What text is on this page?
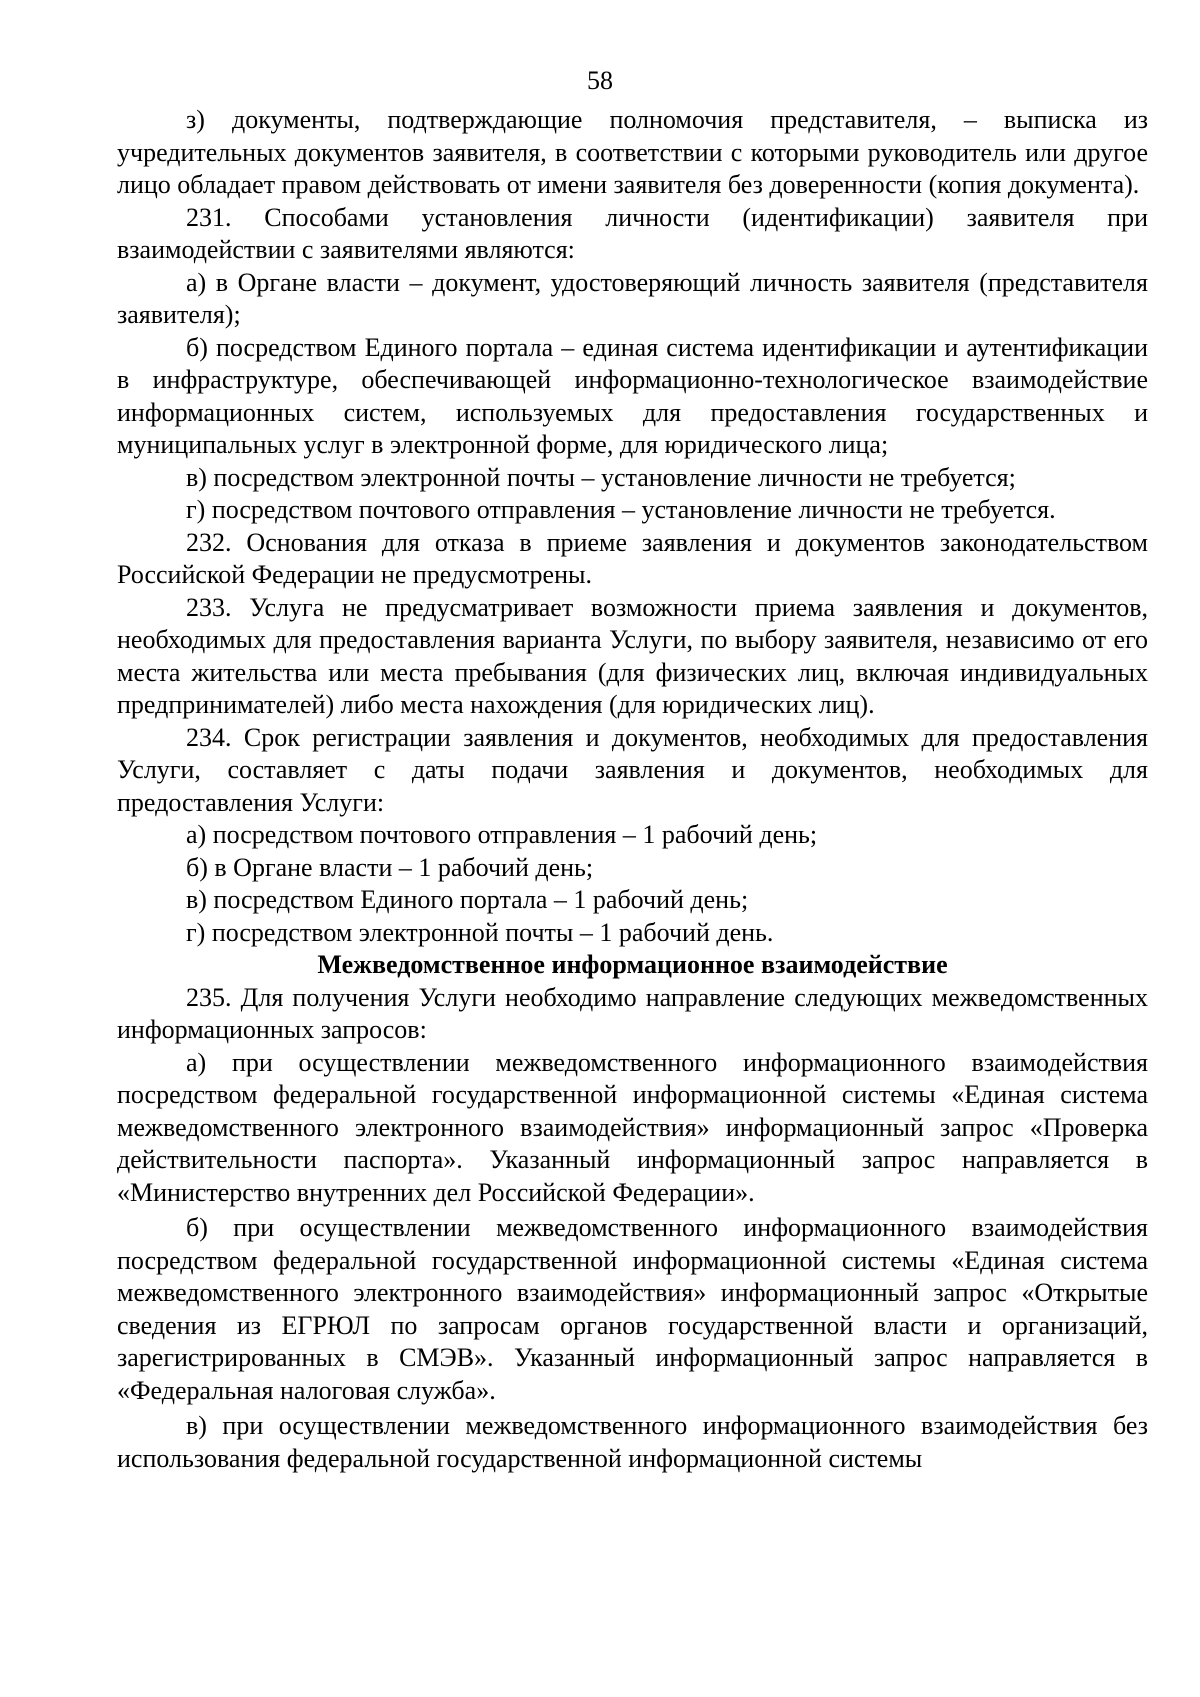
58

з) документы, подтверждающие полномочия представителя, – выписка из учредительных документов заявителя, в соответствии с которыми руководитель или другое лицо обладает правом действовать от имени заявителя без доверенности (копия документа).

231. Способами установления личности (идентификации) заявителя при взаимодействии с заявителями являются:

а) в Органе власти – документ, удостоверяющий личность заявителя (представителя заявителя);

б) посредством Единого портала – единая система идентификации и аутентификации в инфраструктуре, обеспечивающей информационно-технологическое взаимодействие информационных систем, используемых для предоставления государственных и муниципальных услуг в электронной форме, для юридического лица;

в) посредством электронной почты – установление личности не требуется;

г) посредством почтового отправления – установление личности не требуется.

232. Основания для отказа в приеме заявления и документов законодательством Российской Федерации не предусмотрены.

233. Услуга не предусматривает возможности приема заявления и документов, необходимых для предоставления варианта Услуги, по выбору заявителя, независимо от его места жительства или места пребывания (для физических лиц, включая индивидуальных предпринимателей) либо места нахождения (для юридических лиц).

234. Срок регистрации заявления и документов, необходимых для предоставления Услуги, составляет с даты подачи заявления и документов, необходимых для предоставления Услуги:

а) посредством почтового отправления – 1 рабочий день;

б) в Органе власти – 1 рабочий день;

в) посредством Единого портала – 1 рабочий день;

г) посредством электронной почты – 1 рабочий день.

Межведомственное информационное взаимодействие

235. Для получения Услуги необходимо направление следующих межведомственных информационных запросов:

а) при осуществлении межведомственного информационного взаимодействия посредством федеральной государственной информационной системы «Единая система межведомственного электронного взаимодействия» информационный запрос «Проверка действительности паспорта». Указанный информационный запрос направляется в «Министерство внутренних дел Российской Федерации».

б) при осуществлении межведомственного информационного взаимодействия посредством федеральной государственной информационной системы «Единая система межведомственного электронного взаимодействия» информационный запрос «Открытые сведения из ЕГРЮЛ по запросам органов государственной власти и организаций, зарегистрированных в СМЭВ». Указанный информационный запрос направляется в «Федеральная налоговая служба».

в) при осуществлении межведомственного информационного взаимодействия без использования федеральной государственной информационной системы
